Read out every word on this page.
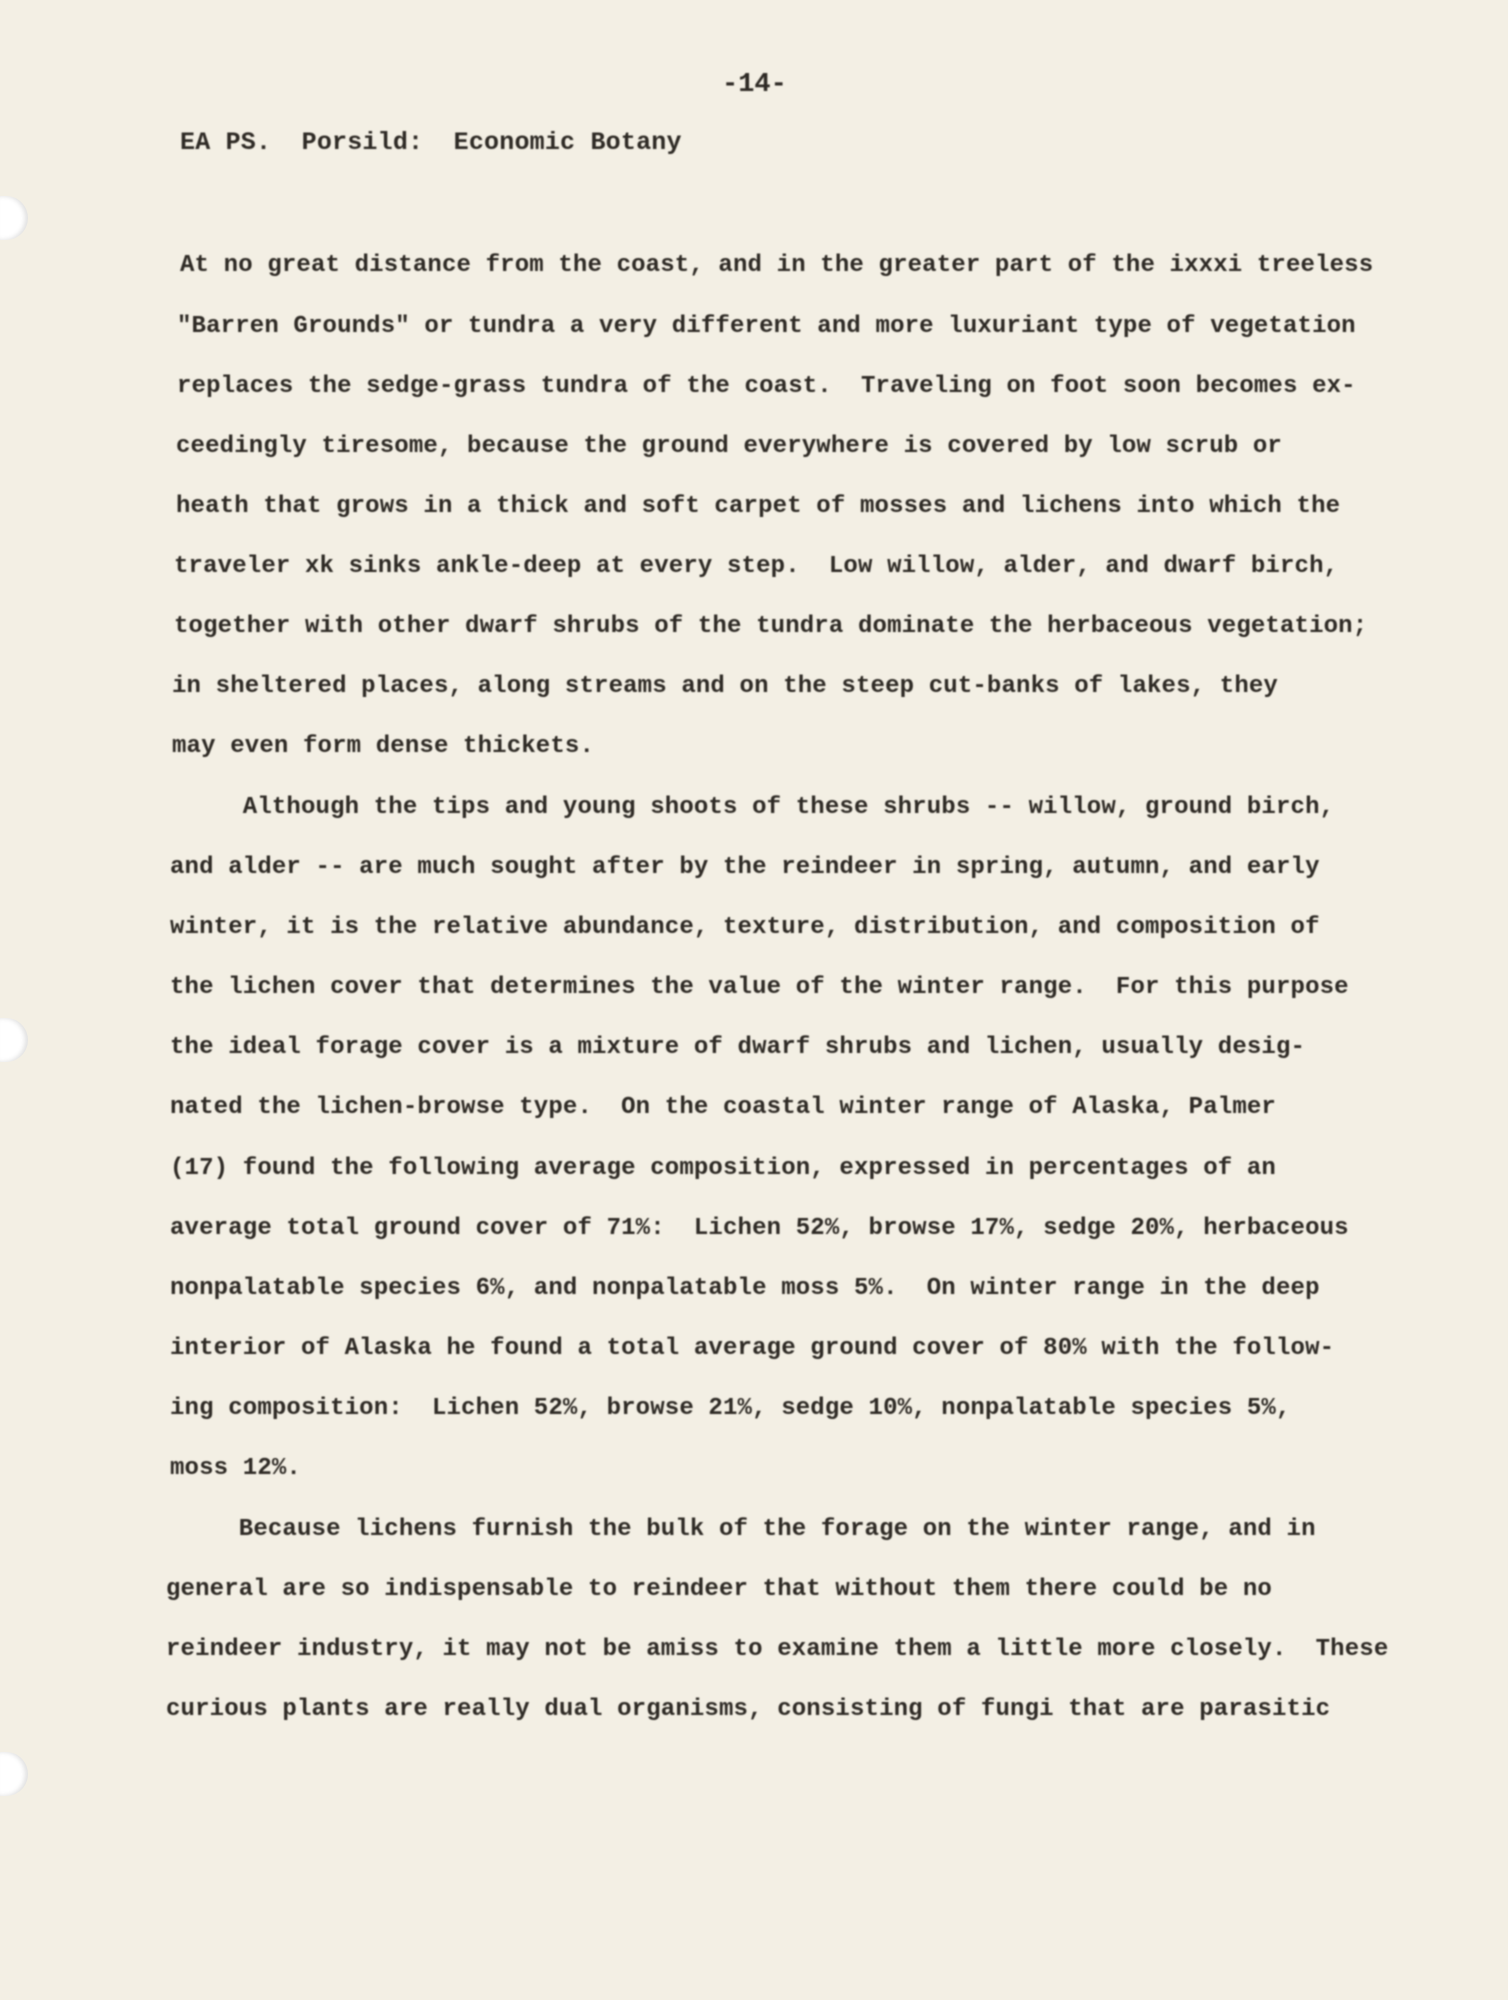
-14-
EA PS.  Porsild:  Economic Botany
At no great distance from the coast, and in the greater part of the ixxxi treeless
"Barren Grounds" or tundra a very different and more luxuriant type of vegetation
replaces the sedge-grass tundra of the coast.  Traveling on foot soon becomes ex-
ceedingly tiresome, because the ground everywhere is covered by low scrub or
heath that grows in a thick and soft carpet of mosses and lichens into which the
traveler xk sinks ankle-deep at every step.  Low willow, alder, and dwarf birch,
together with other dwarf shrubs of the tundra dominate the herbaceous vegetation;
in sheltered places, along streams and on the steep cut-banks of lakes, they
may even form dense thickets.
Although the tips and young shoots of these shrubs -- willow, ground birch,
and alder -- are much sought after by the reindeer in spring, autumn, and early
winter, it is the relative abundance, texture, distribution, and composition of
the lichen cover that determines the value of the winter range.  For this purpose
the ideal forage cover is a mixture of dwarf shrubs and lichen, usually desig-
nated the lichen-browse type.  On the coastal winter range of Alaska, Palmer
(17) found the following average composition, expressed in percentages of an
average total ground cover of 71%:  Lichen 52%, browse 17%, sedge 20%, herbaceous
nonpalatable species 6%, and nonpalatable moss 5%.  On winter range in the deep
interior of Alaska he found a total average ground cover of 80% with the follow-
ing composition:  Lichen 52%, browse 21%, sedge 10%, nonpalatable species 5%,
moss 12%.
Because lichens furnish the bulk of the forage on the winter range, and in
general are so indispensable to reindeer that without them there could be no
reindeer industry, it may not be amiss to examine them a little more closely.  These
curious plants are really dual organisms, consisting of fungi that are parasitic
